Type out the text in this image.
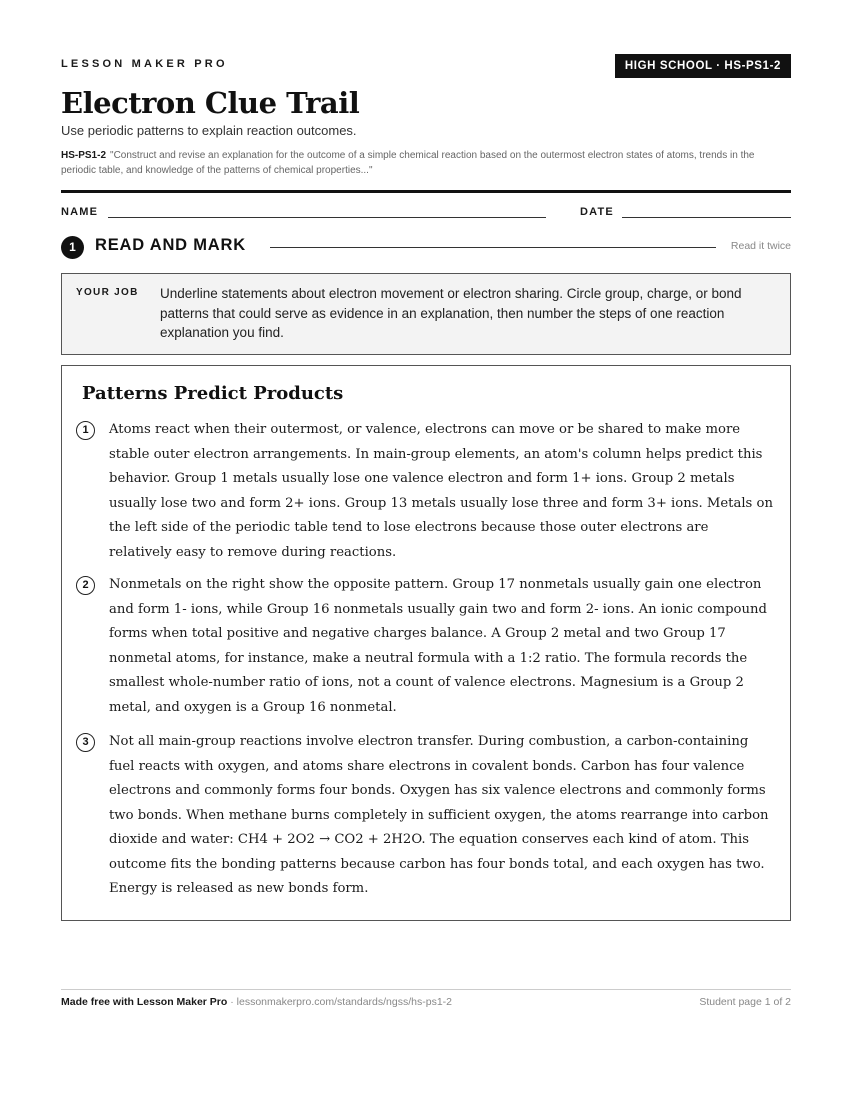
LESSON MAKER PRO	HIGH SCHOOL · HS-PS1-2
Electron Clue Trail
Use periodic patterns to explain reaction outcomes.
HS-PS1-2 "Construct and revise an explanation for the outcome of a simple chemical reaction based on the outermost electron states of atoms, trends in the periodic table, and knowledge of the patterns of chemical properties..."
NAME	DATE
1	READ AND MARK	Read it twice
YOUR JOB Underline statements about electron movement or electron sharing. Circle group, charge, or bond patterns that could serve as evidence in an explanation, then number the steps of one reaction explanation you find.
Patterns Predict Products
1	Atoms react when their outermost, or valence, electrons can move or be shared to make more stable outer electron arrangements. In main-group elements, an atom's column helps predict this behavior. Group 1 metals usually lose one valence electron and form 1+ ions. Group 2 metals usually lose two and form 2+ ions. Group 13 metals usually lose three and form 3+ ions. Metals on the left side of the periodic table tend to lose electrons because those outer electrons are relatively easy to remove during reactions.
2	Nonmetals on the right show the opposite pattern. Group 17 nonmetals usually gain one electron and form 1- ions, while Group 16 nonmetals usually gain two and form 2- ions. An ionic compound forms when total positive and negative charges balance. A Group 2 metal and two Group 17 nonmetal atoms, for instance, make a neutral formula with a 1:2 ratio. The formula records the smallest whole-number ratio of ions, not a count of valence electrons. Magnesium is a Group 2 metal, and oxygen is a Group 16 nonmetal.
3	Not all main-group reactions involve electron transfer. During combustion, a carbon-containing fuel reacts with oxygen, and atoms share electrons in covalent bonds. Carbon has four valence electrons and commonly forms four bonds. Oxygen has six valence electrons and commonly forms two bonds. When methane burns completely in sufficient oxygen, the atoms rearrange into carbon dioxide and water: CH4 + 2O2 → CO2 + 2H2O. The equation conserves each kind of atom. This outcome fits the bonding patterns because carbon has four bonds total, and each oxygen has two. Energy is released as new bonds form.
Made free with Lesson Maker Pro · lessonmakerpro.com/standards/ngss/hs-ps1-2	Student page 1 of 2
